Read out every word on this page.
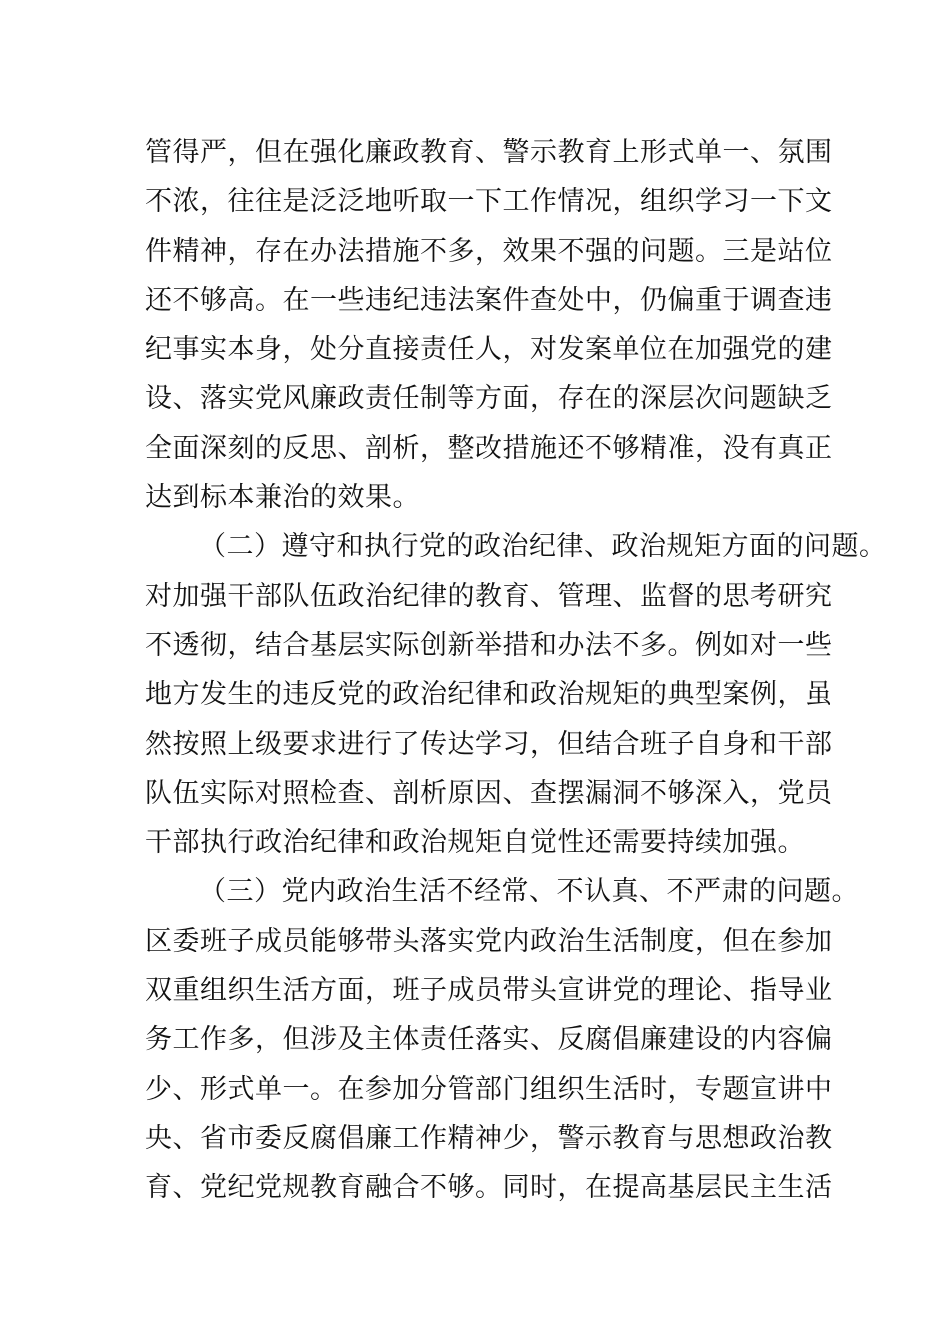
管得严，但在强化廉政教育、警示教育上形式单一、氛围
不浓，往往是泛泛地听取一下工作情况，组织学习一下文
件精神，存在办法措施不多，效果不强的问题。三是站位
还不够高。在一些违纪违法案件查处中，仍偏重于调查违
纪事实本身，处分直接责任人，对发案单位在加强党的建
设、落实党风廉政责任制等方面，存在的深层次问题缺乏
全面深刻的反思、剖析，整改措施还不够精准，没有真正
达到标本兼治的效果。
（二）遵守和执行党的政治纪律、政治规矩方面的问题。
对加强干部队伍政治纪律的教育、管理、监督的思考研究
不透彻，结合基层实际创新举措和办法不多。例如对一些
地方发生的违反党的政治纪律和政治规矩的典型案例，虽
然按照上级要求进行了传达学习，但结合班子自身和干部
队伍实际对照检查、剖析原因、查摆漏洞不够深入，党员
干部执行政治纪律和政治规矩自觉性还需要持续加强。
（三）党内政治生活不经常、不认真、不严肃的问题。
区委班子成员能够带头落实党内政治生活制度，但在参加
双重组织生活方面，班子成员带头宣讲党的理论、指导业
务工作多，但涉及主体责任落实、反腐倡廉建设的内容偏
少、形式单一。在参加分管部门组织生活时，专题宣讲中
央、省市委反腐倡廉工作精神少，警示教育与思想政治教
育、党纪党规教育融合不够。同时，在提高基层民主生活
